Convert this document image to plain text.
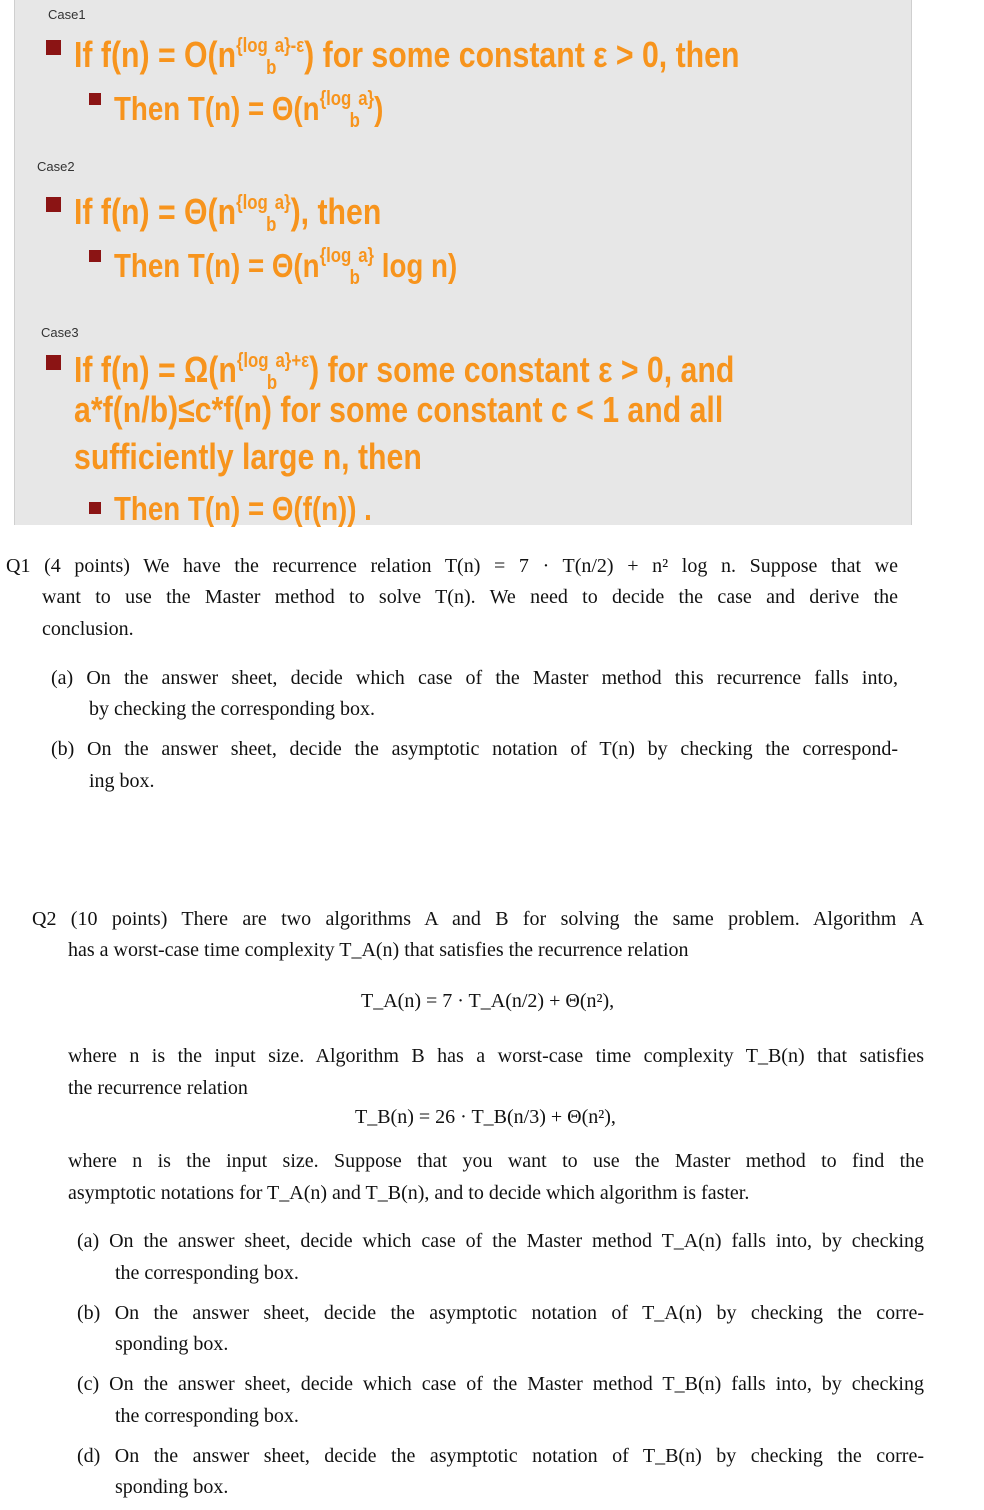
Case1
If $f(n) = O(n^{\{log}b^{a\}-\varepsilon})$ for some constant ε > 0, then
Then $T(n) = \Theta(n^{\{log}_b^{a\}})$
Case2
If $f(n) = \Theta(n^{\{log}b^{a\}})$, then
Then $T(n) = \Theta(n^{\{log}_b^{a\}}$ log n)
Case3
If $f(n) = \Omega(n^{\{log}b^{a\}+\varepsilon})$ for some constant ε > 0, and
a*f(n/b)≤c*f(n) for some constant c < 1 and all
sufficiently large n, then
Then T(n) = Θ(f(n)) .
Q1 (4 points) We have the recurrence relation T(n) = 7 · T(n/2) + n² log n. Suppose that we
want to use the Master method to solve T(n). We need to decide the case and derive the
conclusion.
(a) On the answer sheet, decide which case of the Master method this recurrence falls into,
by checking the corresponding box.
(b) On the answer sheet, decide the asymptotic notation of T(n) by checking the correspond-
ing box.
Q2 (10 points) There are two algorithms A and B for solving the same problem. Algorithm A
has a worst-case time complexity T_A(n) that satisfies the recurrence relation
T_A(n) = 7 · T_A(n/2) + Θ(n²),
where n is the input size. Algorithm B has a worst-case time complexity T_B(n) that satisfies
the recurrence relation
T_B(n) = 26 · T_B(n/3) + Θ(n²),
where n is the input size. Suppose that you want to use the Master method to find the
asymptotic notations for T_A(n) and T_B(n), and to decide which algorithm is faster.
(a) On the answer sheet, decide which case of the Master method T_A(n) falls into, by checking
the corresponding box.
(b) On the answer sheet, decide the asymptotic notation of T_A(n) by checking the corre-
sponding box.
(c) On the answer sheet, decide which case of the Master method T_B(n) falls into, by checking
the corresponding box.
(d) On the answer sheet, decide the asymptotic notation of T_B(n) by checking the corre-
sponding box.
